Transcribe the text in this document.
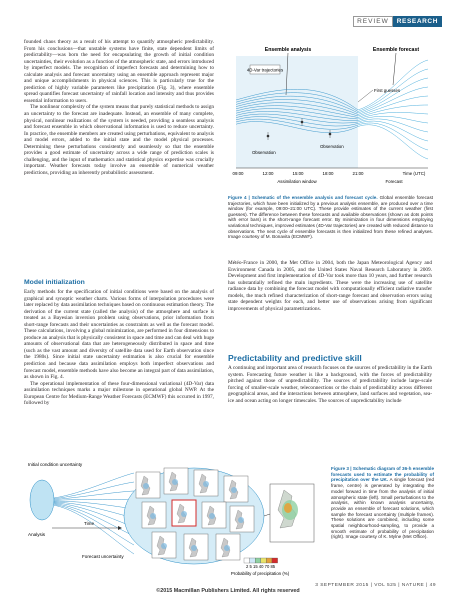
REVIEW	RESEARCH

founded chaos theory as a result of his attempt to quantify atmospheric predictability. From his conclusions—that unstable systems have finite, state dependent limits of predictability—was born the need for encapsulating the growth of initial condition uncertainties, their evolution as a function of the atmospheric state, and errors introduced by imperfect models. The recognition of imperfect forecasts and determining how to calculate analysis and forecast uncertainty using an ensemble approach represent major and unique accomplishments in physical sciences. This is particularly true for the prediction of highly variable parameters like precipitation (Fig. 3), where ensemble spread quantifies forecast uncertainty of rainfall location and intensity and thus provides essential information to users.

The nonlinear complexity of the system means that purely statistical methods to assign an uncertainty to the forecast are inadequate. Instead, an ensemble of many complete, physical, nonlinear realizations of the system is needed, providing a seamless analysis and forecast ensemble in which observational information is used to reduce uncertainty. In practice, the ensemble members are created using perturbations, equivalent to analysis and model errors, added to the initial state and the model physical processes. Determining these perturbations consistently and seamlessly so that the ensemble provides a good estimate of uncertainty across a wide range of prediction scales is challenging, and the input of mathematics and statistical physics expertise was crucially important. Weather forecasts today involve an ensemble of numerical weather predictions, providing an inherently probabilistic assessment.

Model initialization

Early methods for the specification of initial conditions were based on the analysis of graphical and synoptic weather charts. Various forms of interpolation procedures were later replaced by data assimilation techniques based on continuous estimation theory. The derivation of the current state (called the analysis) of the atmosphere and surface is treated as a Bayesian inversion problem using observations, prior information from short-range forecasts and their uncertainties as constraints as well as the forecast model. These calculations, involving a global minimization, are performed in four dimensions to produce an analysis that is physically consistent in space and time and can deal with huge amounts of observational data that are heterogeneously distributed in space and time (such as the vast amount and diversity of satellite data used for Earth observation since the 1980s). Since initial state uncertainty estimation is also crucial for ensemble prediction and because data assimilation employs both imperfect observations and forecast model, ensemble methods have also become an integral part of data assimilation, as shown in Fig. 4.

The operational implementation of these four-dimensional variational (4D-Var) data assimilation techniques marks a major milestone in operational global NWP. At the European Centre for Medium-Range Weather Forecasts (ECMWF) this occurred in 1997, followed by

Ensemble analysis	Ensemble forecast
4D-Var trajectories
First guesses
Observation
Observation
09:00	12:00	15:00	18:00	21:00	Time (UTC)
Assimilation window	Forecast
Figure 4 | Schematic of the ensemble analysis and forecast cycle. Global ensemble forecast trajectories, which have been initialized by a previous analysis ensemble, are produced over a time window (for example, 09:00–21:00 UTC). These provide estimates of the current weather (first guesses). The difference between these forecasts and available observations (shown as dots points with error bars) is the short-range forecast error. By minimization in four dimensions employing variational techniques, improved estimates (4D-Var trajectories) are created with reduced distance to observations. The next cycle of ensemble forecasts is then initialized from these refined analyses. Image courtesy of M. Bonavita (ECMWF).

Météo-France in 2000, the Met Office in 2004, both the Japan Meteorological Agency and Environment Canada in 2005, and the United States Naval Research Laboratory in 2009. Development and first implementation of 4D-Var took more than 10 years, and further research has substantially refined the main ingredients. These were the increasing use of satellite radiance data by combining the forecast model with computationally efficient radiative transfer models, the much refined characterization of short-range forecast and observation errors using state dependent weights for each, and better use of observations arising from significant improvements of physical parametrizations.

Predictability and predictive skill

A continuing and important area of research focuses on the sources of predictability in the Earth system. Forecasting future weather is like a background, with the forces of predictability pitched against those of unpredictability. The sources of predictability include large-scale forcing of smaller-scale weather, teleconnections or the chain of predictability across different geographical areas, and the interactions between atmosphere, land surfaces and vegetation, sea-ice and ocean acting on longer timescales. The sources of unpredictability include

Initial condition uncertainty
Analysis
Time
Forecast uncertainty
2 5 15 40 70 85
Probability of precipitation (%)
Figure 3 | Schematic diagram of 36-h ensemble forecasts used to estimate the probability of precipitation over the UK. A single forecast (red frame, centre) is generated by integrating the model forward in time from the analysis of initial atmospheric state (left). Small perturbations to the analysis, within known analysis uncertainty, provide an ensemble of forecast solutions, which sample the forecast uncertainty (multiple frames). These solutions are combined, including some spatial neighbourhood-sampling, to provide a smooth estimate of probability of precipitation (right). Image courtesy of K. Mylne (Met Office).
3 SEPTEMBER 2015 | VOL 525 | NATURE | 49
©2015 Macmillan Publishers Limited. All rights reserved
